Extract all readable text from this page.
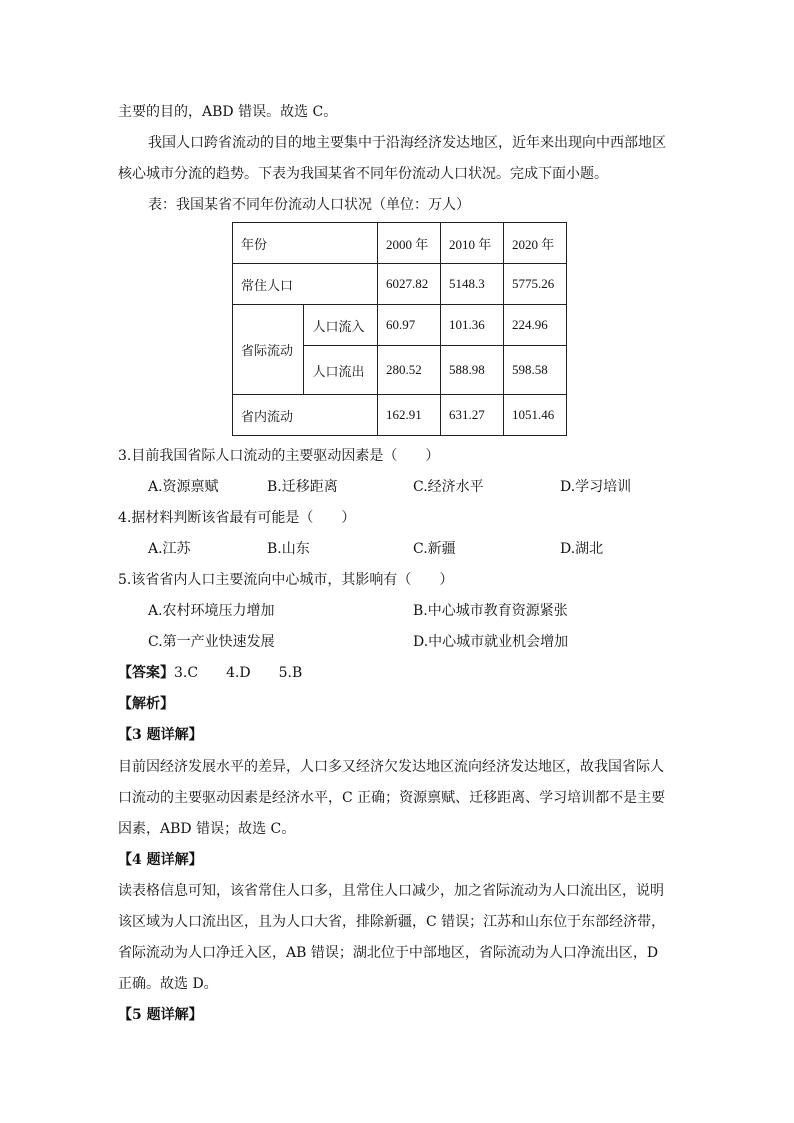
主要的目的，ABD 错误。故选 C。
我国人口跨省流动的目的地主要集中于沿海经济发达地区，近年来出现向中西部地区
核心城市分流的趋势。下表为我国某省不同年份流动人口状况。完成下面小题。
表：我国某省不同年份流动人口状况（单位：万人）
年份		2000 年	2010 年	2020 年
常住人口		6027.82	5148.3	5775.26
省际流动	人口流入	60.97	101.36	224.96
	人口流出	280.52	588.98	598.58
省内流动		162.91	631.27	1051.46
3.目前我国省际人口流动的主要驱动因素是（　　）
A.资源禀赋	B.迁移距离	C.经济水平	D.学习培训
4.据材料判断该省最有可能是（　　）
A.江苏	B.山东	C.新疆	D.湖北
5.该省省内人口主要流向中心城市，其影响有（　　）
A.农村环境压力增加	B.中心城市教育资源紧张
C.第一产业快速发展	D.中心城市就业机会增加
【答案】3.C　　4.D　　5.B
【解析】
【3 题详解】
目前因经济发展水平的差异，人口多又经济欠发达地区流向经济发达地区，故我国省际人
口流动的主要驱动因素是经济水平，C 正确；资源禀赋、迁移距离、学习培训都不是主要
因素，ABD 错误；故选 C。
【4 题详解】
读表格信息可知，该省常住人口多，且常住人口减少，加之省际流动为人口流出区，说明
该区域为人口流出区，且为人口大省，排除新疆，C 错误；江苏和山东位于东部经济带，
省际流动为人口净迁入区，AB 错误；湖北位于中部地区，省际流动为人口净流出区，D
正确。故选 D。
【5 题详解】
